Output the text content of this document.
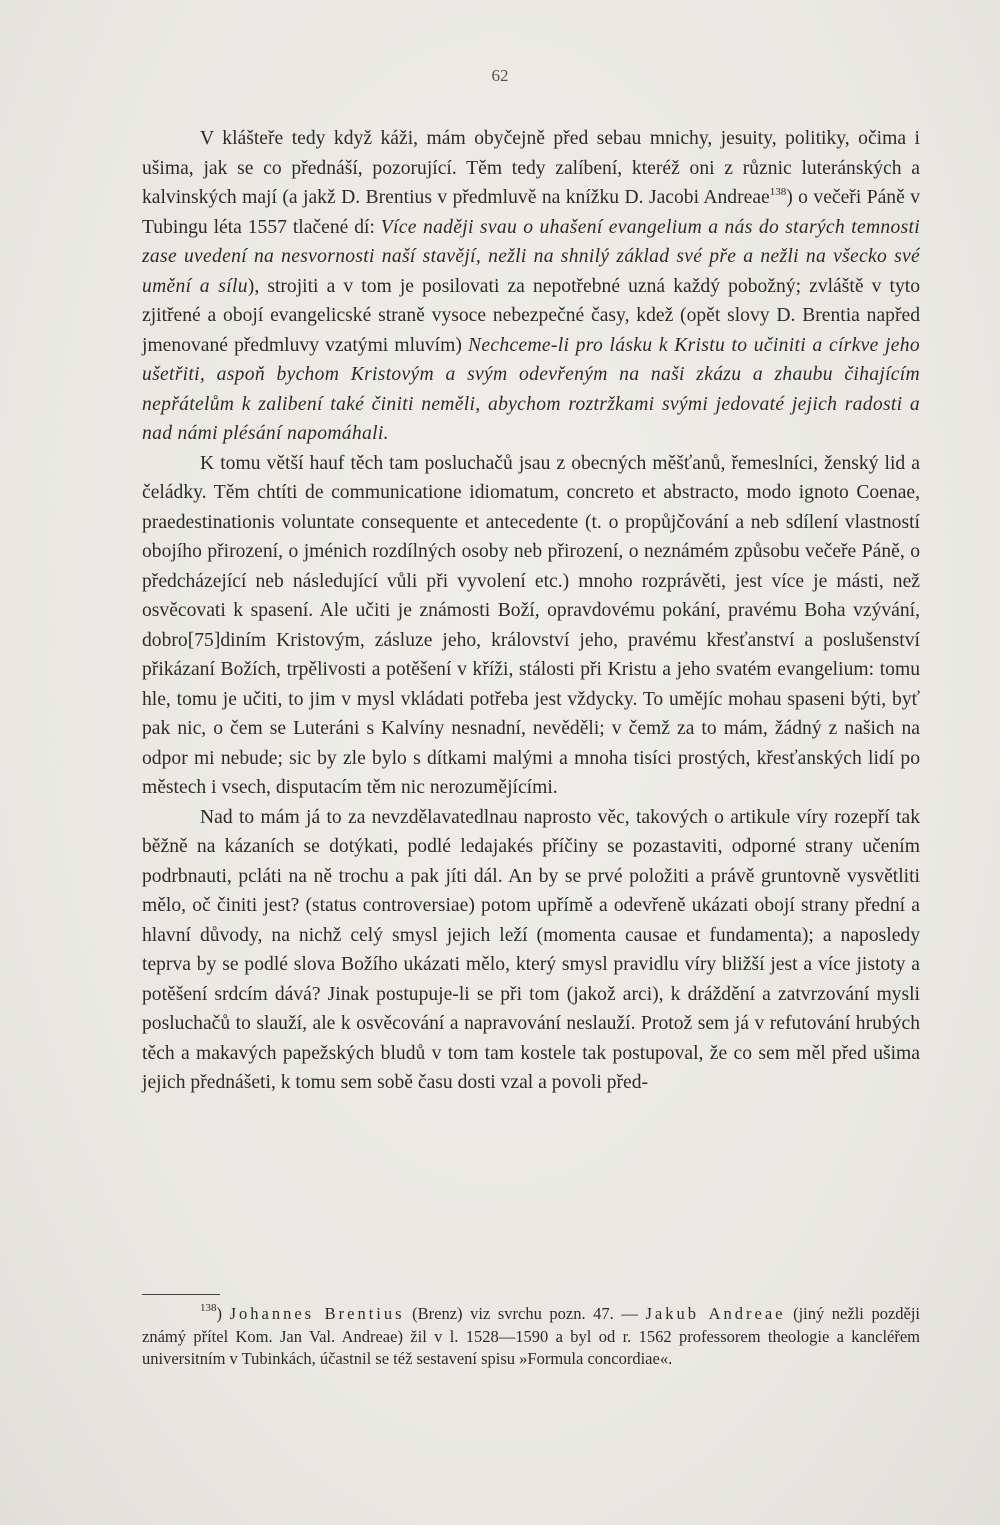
62

V klášteře tedy když káži, mám obyčejně před sebau mnichy, jesuity, politiky, očima i ušima, jak se co přednáší, pozorující. Těm tedy zalíbení, kteréž oni z různic luteránských a kalvinských mají (a jakž D. Brentius v předmluvě na knížku D. Jacobi Andreae$^{138}$) o večeři Páně v Tubingu léta 1557 tlačené dí: Více naději svau o uhašení evangelium a nás do starých temnosti zase uvedení na nesvornosti naší stavějí, nežli na shnilý základ své pře a nežli na všecko své umění a sílu), strojiti a v tom je posilovati za nepotřebné uzná každý pobožný; zvláště v tyto zjitřené a obojí evangelicské straně vysoce nebezpečné časy, kdež (opět slovy D. Brentia napřed jmenované předmluvy vzatými mluvím) Nechceme-li pro lásku k Kristu to učiniti a církve jeho ušetřiti, aspoň bychom Kristovým a svým odevřeným na naši zkázu a zhaubu čihajícím nepřátelům k zalibení také činiti neměli, abychom roztržkami svými jedovaté jejich radosti a nad námi plésání napomáhali.

K tomu větší hauf těch tam posluchačů jsau z obecných měšťanů, řemeslníci, ženský lid a čeládky. Těm chtíti de communicatione idiomatum, concreto et abstracto, modo ignoto Coenae, praedestinationis voluntate consequente et antecedente (t. o propůjčování a neb sdílení vlastností obojího přirození, o jménich rozdílných osoby neb přirození, o neznámém způsobu večeře Páně, o předcházející neb následující vůli při vyvolení etc.) mnoho rozprávěti, jest více je másti, než osvěcovati k spasení. Ale učiti je známosti Boží, opravdovému pokání, pravému Boha vzývání, dobro[75]diním Kristovým, zásluze jeho, království jeho, pravému křesťanství a poslušenství přikázaní Božích, trpělivosti a potěšení v kříži, stálosti při Kristu a jeho svatém evangelium: tomu hle, tomu je učiti, to jim v mysl vkládati potřeba jest vždycky. To umějíc mohau spaseni býti, byť pak nic, o čem se Luteráni s Kalvíny nesnadní, nevěděli; v čemž za to mám, žádný z našich na odpor mi nebude; sic by zle bylo s dítkami malými a mnoha tisíci prostých, křesťanských lidí po městech i vsech, disputacím těm nic nerozumějícími.

Nad to mám já to za nevzdělavatedlnau naprosto věc, takových o artikule víry rozepří tak běžně na kázaních se dotýkati, podlé ledajakés příčiny se pozastaviti, odporné strany učením podrbnauti, pcláti na ně trochu a pak jíti dál. An by se prvé položiti a právě gruntovně vysvětliti mělo, oč činiti jest? (status controversiae) potom upřímě a odevřeně ukázati obojí strany přední a hlavní důvody, na nichž celý smysl jejich leží (momenta causae et fundamenta); a naposledy teprva by se podlé slova Božího ukázati mělo, který smysl pravidlu víry bližší jest a více jistoty a potěšení srdcím dává? Jinak postupuje-li se při tom (jakož arci), k dráždění a zatvrzování mysli posluchačů to slauží, ale k osvěcování a napravování neslauží. Protož sem já v refutování hrubých těch a makavých papežských bludů v tom tam kostele tak postupoval, že co sem měl před ušima jejich přednášeti, k tomu sem sobě času dosti vzal a povoli před-

$^{138}$) Johannes Brentius (Brenz) viz svrchu pozn. 47. — Jakub Andreae (jiný nežli později známý přítel Kom. Jan Val. Andreae) žil v l. 1528—1590 a byl od r. 1562 professorem theologie a kancléřem universitním v Tubinkách, účastnil se též sestavení spisu »Formula concordiae«.
